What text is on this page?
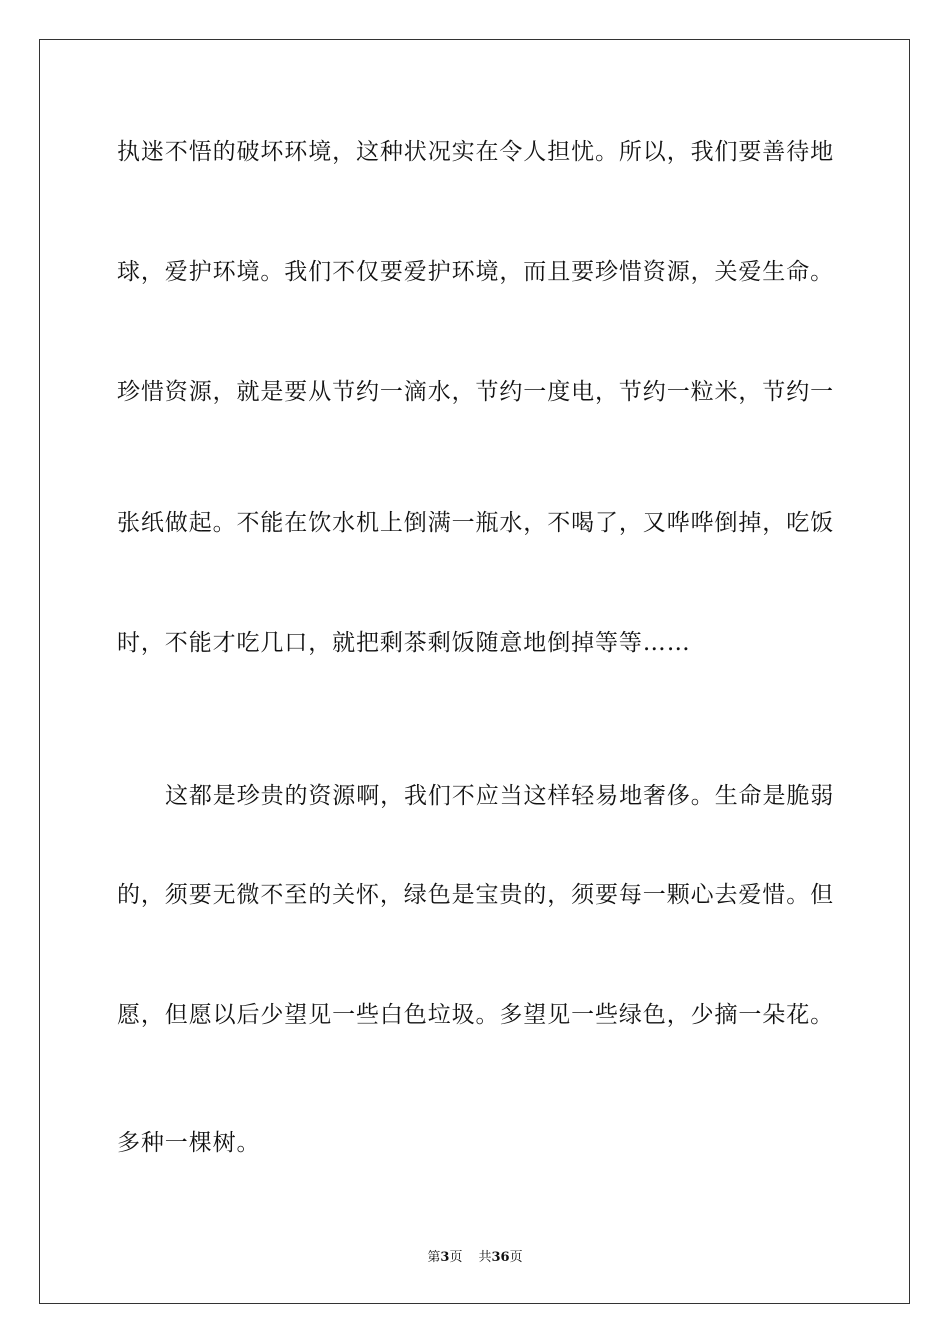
执迷不悟的破坏环境，这种状况实在令人担忧。所以，我们要善待地
球，爱护环境。我们不仅要爱护环境，而且要珍惜资源，关爱生命。
珍惜资源，就是要从节约一滴水，节约一度电，节约一粒米，节约一
张纸做起。不能在饮水机上倒满一瓶水，不喝了，又哗哗倒掉，吃饭
时，不能才吃几口，就把剩茶剩饭随意地倒掉等等……
这都是珍贵的资源啊，我们不应当这样轻易地奢侈。生命是脆弱
的，须要无微不至的关怀，绿色是宝贵的，须要每一颗心去爱惜。但
愿，但愿以后少望见一些白色垃圾。多望见一些绿色，少摘一朵花。
多种一棵树。
第3页 共36页
